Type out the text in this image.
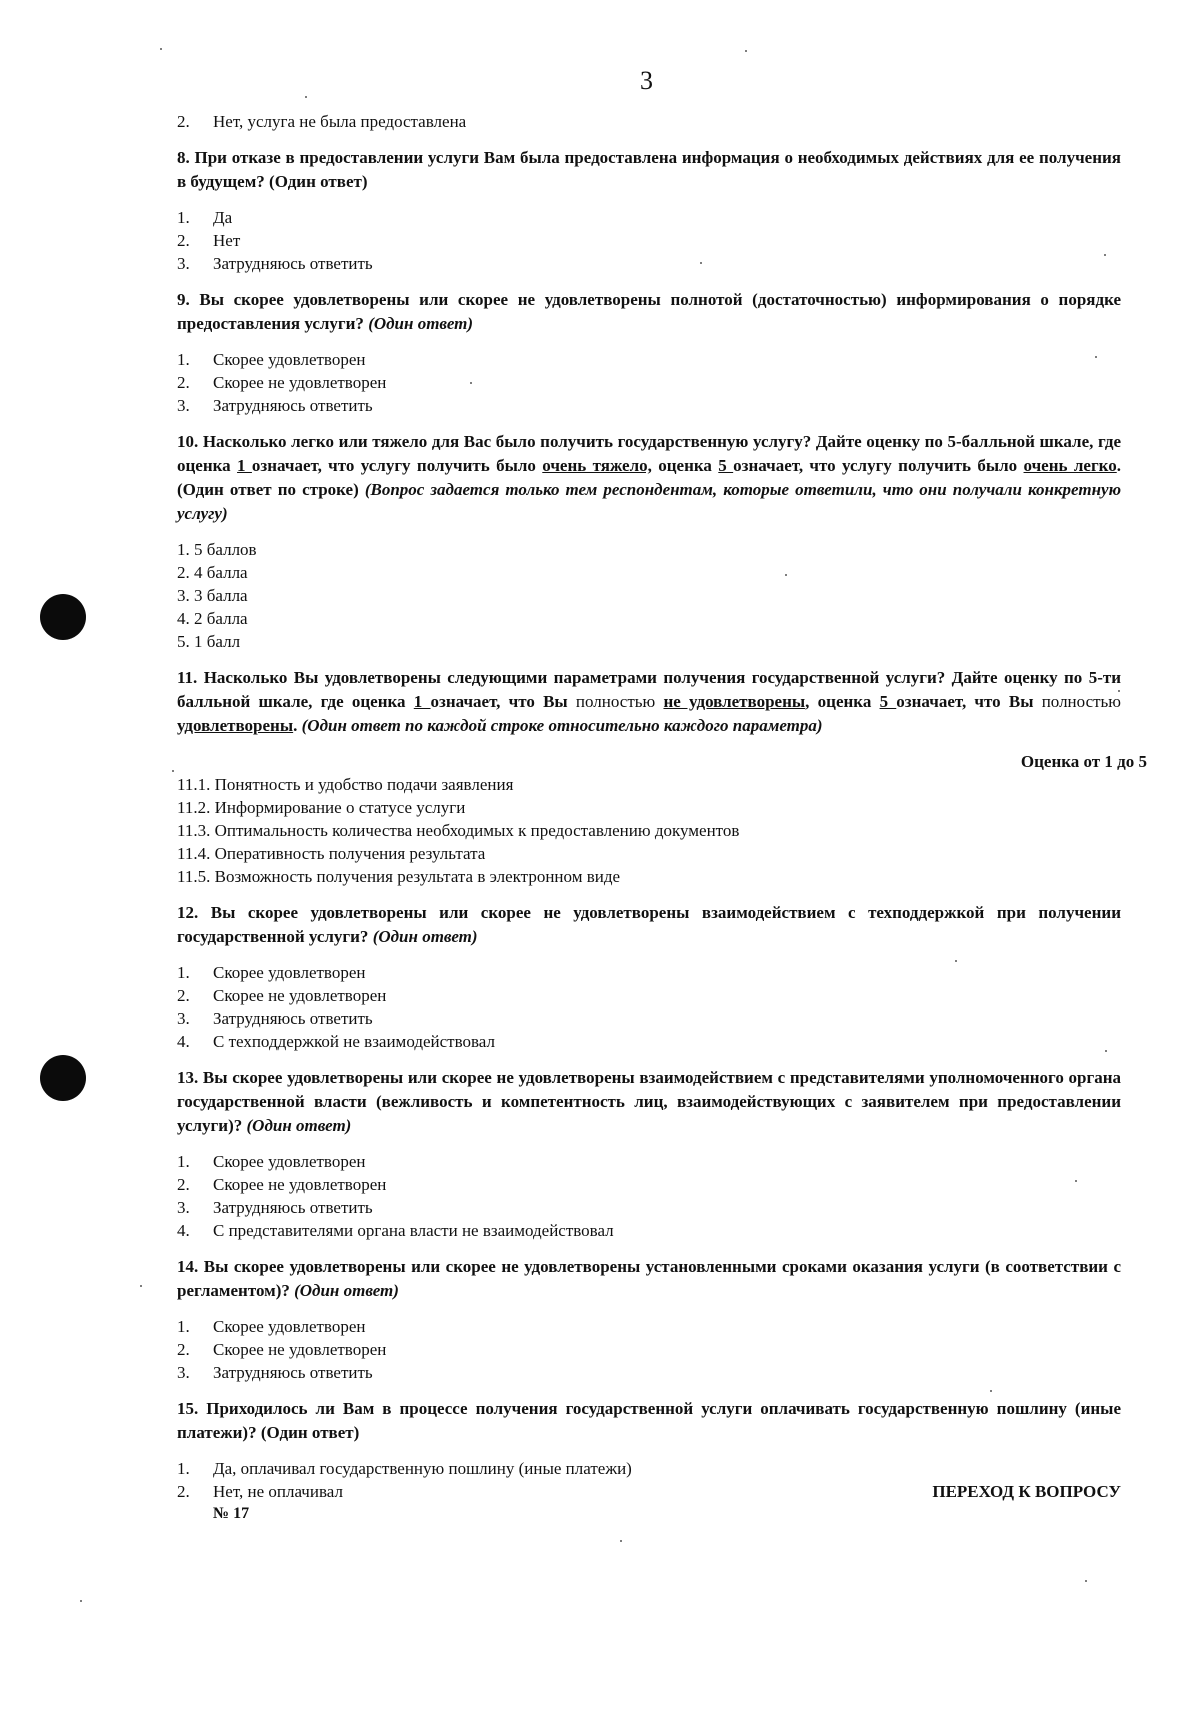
3
2.	Нет, услуга не была предоставлена
8. При отказе в предоставлении услуги Вам была предоставлена информация о необходимых действиях для ее получения в будущем? (Один ответ)
1.	Да
2.	Нет
3.	Затрудняюсь ответить
9. Вы скорее удовлетворены или скорее не удовлетворены полнотой (достаточностью) информирования о порядке предоставления услуги? (Один ответ)
1.	Скорее удовлетворен
2.	Скорее не удовлетворен
3.	Затрудняюсь ответить
10. Насколько легко или тяжело для Вас было получить государственную услугу? Дайте оценку по 5-балльной шкале, где оценка 1 означает, что услугу получить было очень тяжело, оценка 5 означает, что услугу получить было очень легко. (Один ответ по строке) (Вопрос задается только тем респондентам, которые ответили, что они получали конкретную услугу)
1. 5 баллов
2. 4 балла
3. 3 балла
4. 2 балла
5. 1 балл
11. Насколько Вы удовлетворены следующими параметрами получения государственной услуги? Дайте оценку по 5-ти балльной шкале, где оценка 1 означает, что Вы полностью не удовлетворены, оценка 5 означает, что Вы полностью удовлетворены. (Один ответ по каждой строке относительно каждого параметра)
Оценка от 1 до 5
11.1. Понятность и удобство подачи заявления
11.2. Информирование о статусе услуги
11.3. Оптимальность количества необходимых к предоставлению документов
11.4. Оперативность получения результата
11.5. Возможность получения результата в электронном виде
12. Вы скорее удовлетворены или скорее не удовлетворены взаимодействием с техподдержкой при получении государственной услуги? (Один ответ)
1.	Скорее удовлетворен
2.	Скорее не удовлетворен
3.	Затрудняюсь ответить
4.	С техподдержкой не взаимодействовал
13. Вы скорее удовлетворены или скорее не удовлетворены взаимодействием с представителями уполномоченного органа государственной власти (вежливость и компетентность лиц, взаимодействующих с заявителем при предоставлении услуги)? (Один ответ)
1.	Скорее удовлетворен
2.	Скорее не удовлетворен
3.	Затрудняюсь ответить
4.	С представителями органа власти не взаимодействовал
14. Вы скорее удовлетворены или скорее не удовлетворены установленными сроками оказания услуги (в соответствии с регламентом)? (Один ответ)
1.	Скорее удовлетворен
2.	Скорее не удовлетворен
3.	Затрудняюсь ответить
15. Приходилось ли Вам в процессе получения государственной услуги оплачивать государственную пошлину (иные платежи)? (Один ответ)
1.	Да, оплачивал государственную пошлину (иные платежи)
2.	Нет, не оплачивал	ПЕРЕХОД К ВОПРОСУ
№ 17
